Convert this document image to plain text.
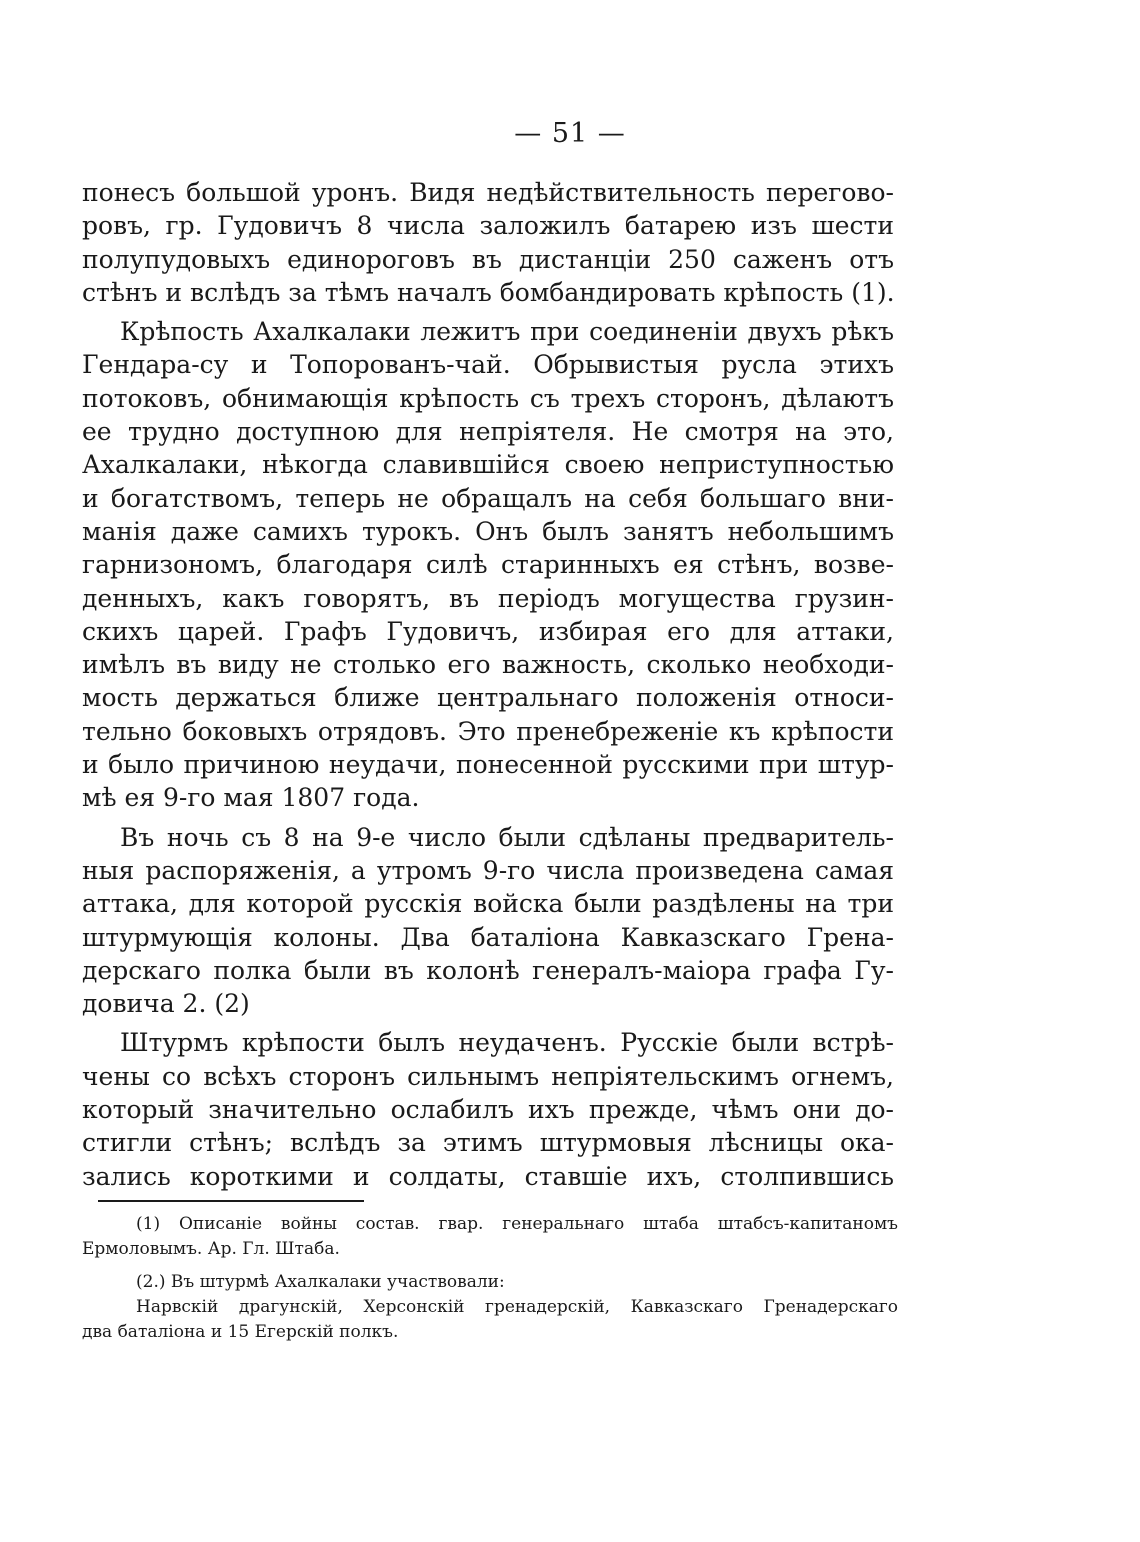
— 51 —
понесъ большой уронъ. Видя недѣйствительность перегово-
ровъ, гр. Гудовичъ 8 числа заложилъ батарею изъ шести
полупудовыхъ единороговъ въ дистанціи 250 саженъ отъ
стѣнъ и вслѣдъ за тѣмъ началъ бомбандировать крѣпость (1).
Крѣпость Ахалкалаки лежитъ при соединеніи двухъ рѣкъ
Гендара-су и Топорованъ-чай. Обрывистыя русла этихъ
потоковъ, обнимающія крѣпость съ трехъ сторонъ, дѣлаютъ
ее трудно доступною для непріятеля. Не смотря на это,
Ахалкалаки, нѣкогда славившійся своею неприступностью
и богатствомъ, теперь не обращалъ на себя большаго вни-
манія даже самихъ турокъ. Онъ былъ занятъ небольшимъ
гарнизономъ, благодаря силѣ старинныхъ ея стѣнъ, возве-
денныхъ, какъ говорятъ, въ періодъ могущества грузин-
скихъ царей. Графъ Гудовичъ, избирая его для аттаки,
имѣлъ въ виду не столько его важность, сколько необходи-
мость держаться ближе центральнаго положенія относи-
тельно боковыхъ отрядовъ. Это пренебреженіе къ крѣпости
и было причиною неудачи, понесенной русскими при штур-
мѣ ея 9-го мая 1807 года.
Въ ночь съ 8 на 9-е число были сдѣланы предваритель-
ныя распоряженія, а утромъ 9-го числа произведена самая
аттака, для которой русскія войска были раздѣлены на три
штурмующія колоны. Два баталіона Кавказскаго Грена-
дерскаго полка были въ колонѣ генералъ-маіора графа Гу-
довича 2. (2)
Штурмъ крѣпости былъ неудаченъ. Русскіе были встрѣ-
чены со всѣхъ сторонъ сильнымъ непріятельскимъ огнемъ,
который значительно ослабилъ ихъ прежде, чѣмъ они до-
стигли стѣнъ; вслѣдъ за этимъ штурмовыя лѣсницы ока-
зались короткими и солдаты, ставшіе ихъ, столпившись
(1) Описаніе войны состав. гвар. генеральнаго штаба штабсъ-капитаномъ
Ермоловымъ. Ар. Гл. Штаба.
(2.) Въ штурмѣ Ахалкалаки участвовали:
Нарвскій драгунскій, Херсонскій гренадерскій, Кавказскаго Гренадерскаго
два баталіона и 15 Егерскій полкъ.
